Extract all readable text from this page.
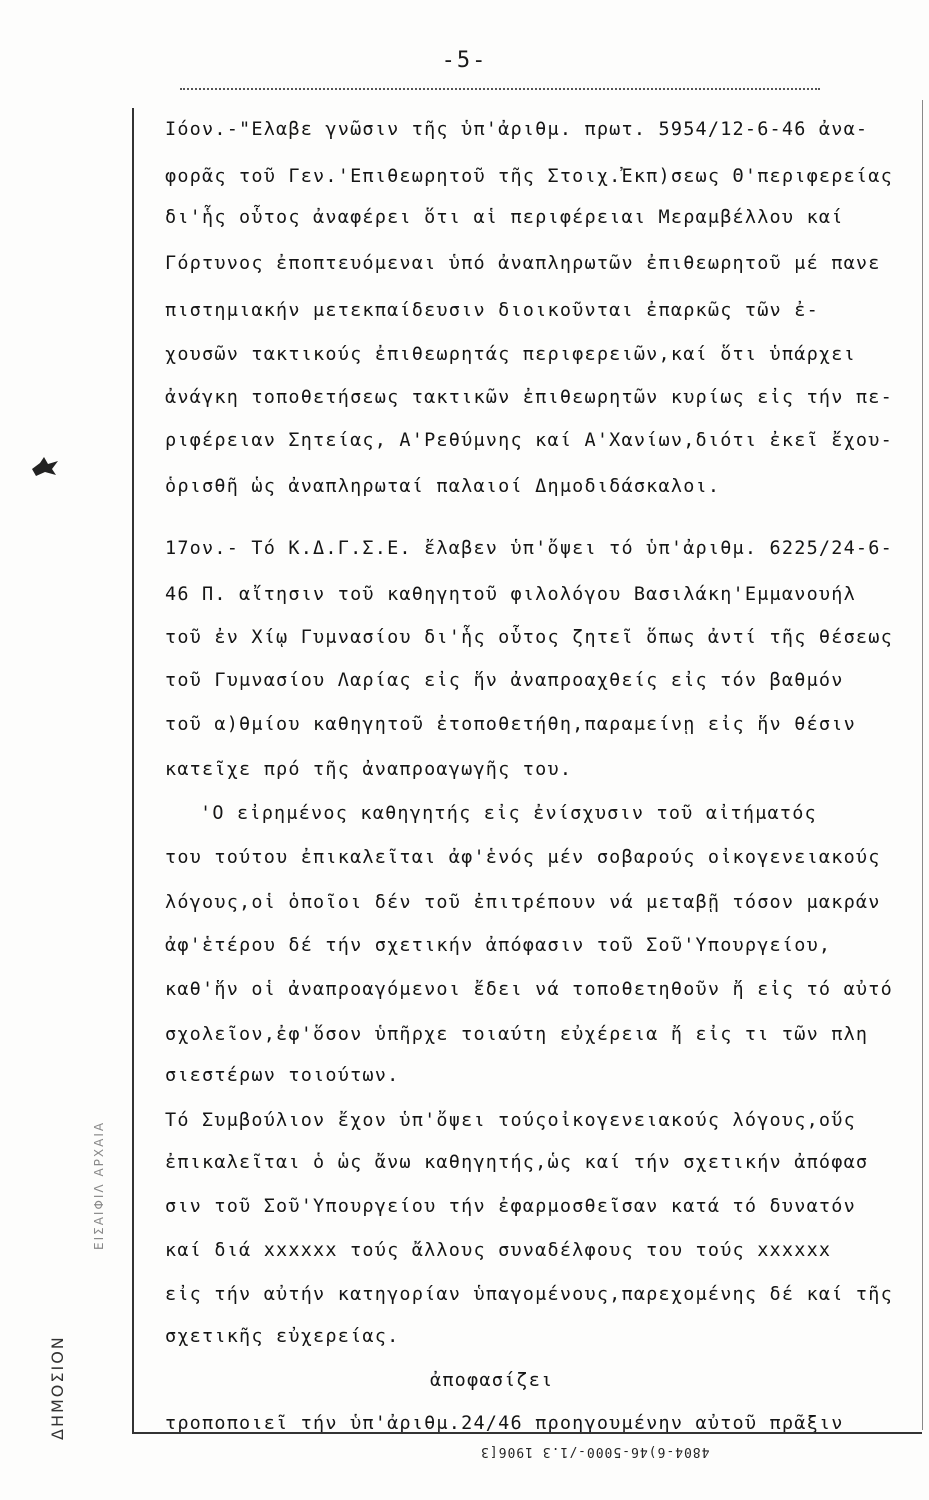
ΔΗΜΟΣΙΟΝ
ΕΙΣΑΙΦΙΛ ΑΡΧΑΙΑ
-5-
Ιόον.-"Ελαβε γνῶσιν τῆς ὑπ'ἀριθμ. πρωτ. 5954/12-6-46 ἀνα-
φορᾶς τοῦ Γεν.'Επιθεωρητοῦ τῆς Στοιχ.Ἐκπ)σεως Θ'περιφερείας
δι'ἧς οὗτος ἀναφέρει ὅτι αἱ περιφέρειαι Μεραμβέλλου καί
Γόρτυνος ἐποπτευόμεναι ὑπό ἀναπληρωτῶν ἐπιθεωρητοῦ μέ πανε
πιστημιακήν μετεκπαίδευσιν διοικοῦνται ἐπαρκῶς τῶν ἐ-
χουσῶν τακτικούς ἐπιθεωρητάς περιφερειῶν,καί ὅτι ὑπάρχει
ἀνάγκη τοποθετήσεως τακτικῶν ἐπιθεωρητῶν κυρίως εἰς τήν πε-
ριφέρειαν Σητείας, Α'Ρεθύμνης καί Α'Χανίων,διότι ἐκεῖ ἔχου-
ὁρισθῆ ὡς ἀναπληρωταί παλαιοί Δημοδιδάσκαλοι.
17ον.- Τό Κ.Δ.Γ.Σ.Ε. ἔλαβεν ὑπ'ὄψει τό ὑπ'ἀριθμ. 6225/24-6-
46 Π. αἴτησιν τοῦ καθηγητοῦ φιλολόγου Βασιλάκη'Εμμανουήλ
τοῦ ἐν Χίῳ Γυμνασίου δι'ἧς οὗτος ζητεῖ ὅπως ἀντί τῆς θέσεως
τοῦ Γυμνασίου Λαρίας εἰς ἥν ἀναπροαχθείς εἰς τόν βαθμόν
τοῦ α)θμίου καθηγητοῦ ἐτοποθετήθη,παραμείνῃ εἰς ἥν θέσιν
κατεῖχε πρό τῆς ἀναπροαγωγῆς του.
'Ο εἰρημένος καθηγητής εἰς ἐνίσχυσιν τοῦ αἰτήματός
του τούτου ἐπικαλεῖται ἀφ'ἑνός μέν σοβαρούς οἰκογενειακούς
λόγους,οἱ ὁποῖοι δέν τοῦ ἐπιτρέπουν νά μεταβῇ τόσον μακράν
ἀφ'ἑτέρου δέ τήν σχετικήν ἀπόφασιν τοῦ Σοῦ'Υπουργείου,
καθ'ἥν οἱ ἀναπροαγόμενοι ἔδει νά τοποθετηθοῦν ἤ εἰς τό αὐτό
σχολεῖον,ἐφ'ὅσον ὑπῆρχε τοιαύτη εὐχέρεια ἤ εἰς τι τῶν πλη
σιεστέρων τοιούτων.
Τό Συμβούλιον ἔχον ὑπ'ὄψει τούςοἰκογενειακούς λόγους,οὕς
ἐπικαλεῖται ὁ ὡς ἄνω καθηγητής,ὡς καί τήν σχετικήν ἀπόφασ
σιν τοῦ Σοῦ'Υπουργείου τήν ἐφαρμοσθεῖσαν κατά τό δυνατόν
καί διά xxxxxx τούς ἄλλους συναδέλφους του τούς xxxxxx
εἰς τήν αὐτήν κατηγορίαν ὑπαγομένους,παρεχομένης δέ καί τῆς
σχετικῆς εὐχερείας.
ἀποφασίζει
τροποποιεῖ τήν ὑπ'ἀριθμ.24/46 προηγουμένην αὐτοῦ πρᾶξιν
4804-6)46-5000-/1.3 1906[3
